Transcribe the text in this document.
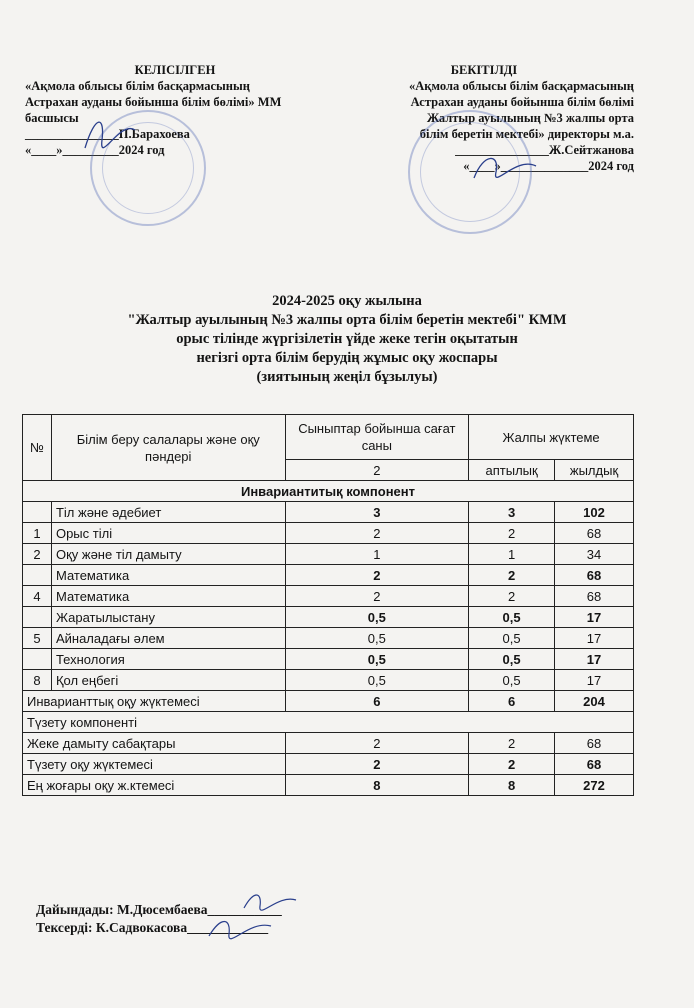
КЕЛІСІЛГЕН
«Ақмола облысы білім басқармасының
Астрахан ауданы бойынша білім бөлімі» ММ
басшысы
_______________П.Барахоева
«____»_________2024 год
БЕКІТІЛДІ
«Ақмола облысы білім басқармасының
Астрахан ауданы бойынша білім бөлімі
Жалтыр ауылының №3 жалпы орта
білім беретін мектебі» директоры м.а.
_______________Ж.Сейтжанова
«____»______________2024 год
2024-2025 оқу жылына
"Жалтыр ауылының №3 жалпы орта білім беретін мектебі" КММ
орыс тілінде жүргізілетін үйде жеке тегін оқытатын
негізгі орта білім берудің жұмыс оқу жоспары
(зиятының жеңіл бұзылуы)
№	Білім беру салалары және оқу пәндері	Сыныптар бойынша сағат саны	Жалпы жүктеме	
		2	аптылық	жылдық
Инвариантитық компонент				
	Тіл және әдебиет	3	3	102
1	Орыс тілі	2	2	68
2	Оқу және тіл дамыту	1	1	34
	Математика	2	2	68
4	Математика	2	2	68
	Жаратылыстану	0,5	0,5	17
5	Айналадағы әлем	0,5	0,5	17
	Технология	0,5	0,5	17
8	Қол еңбегі	0,5	0,5	17
Инварианттық оқу жүктемесі		6	6	204
Түзету компоненті				
Жеке дамыту сабақтары		2	2	68
Түзету оқу жүктемесі		2	2	68
Ең жоғары оқу ж.ктемесі		8	8	272
Дайындады: М.Дюсембаева___________
Тексерді: К.Садвокасова____________
